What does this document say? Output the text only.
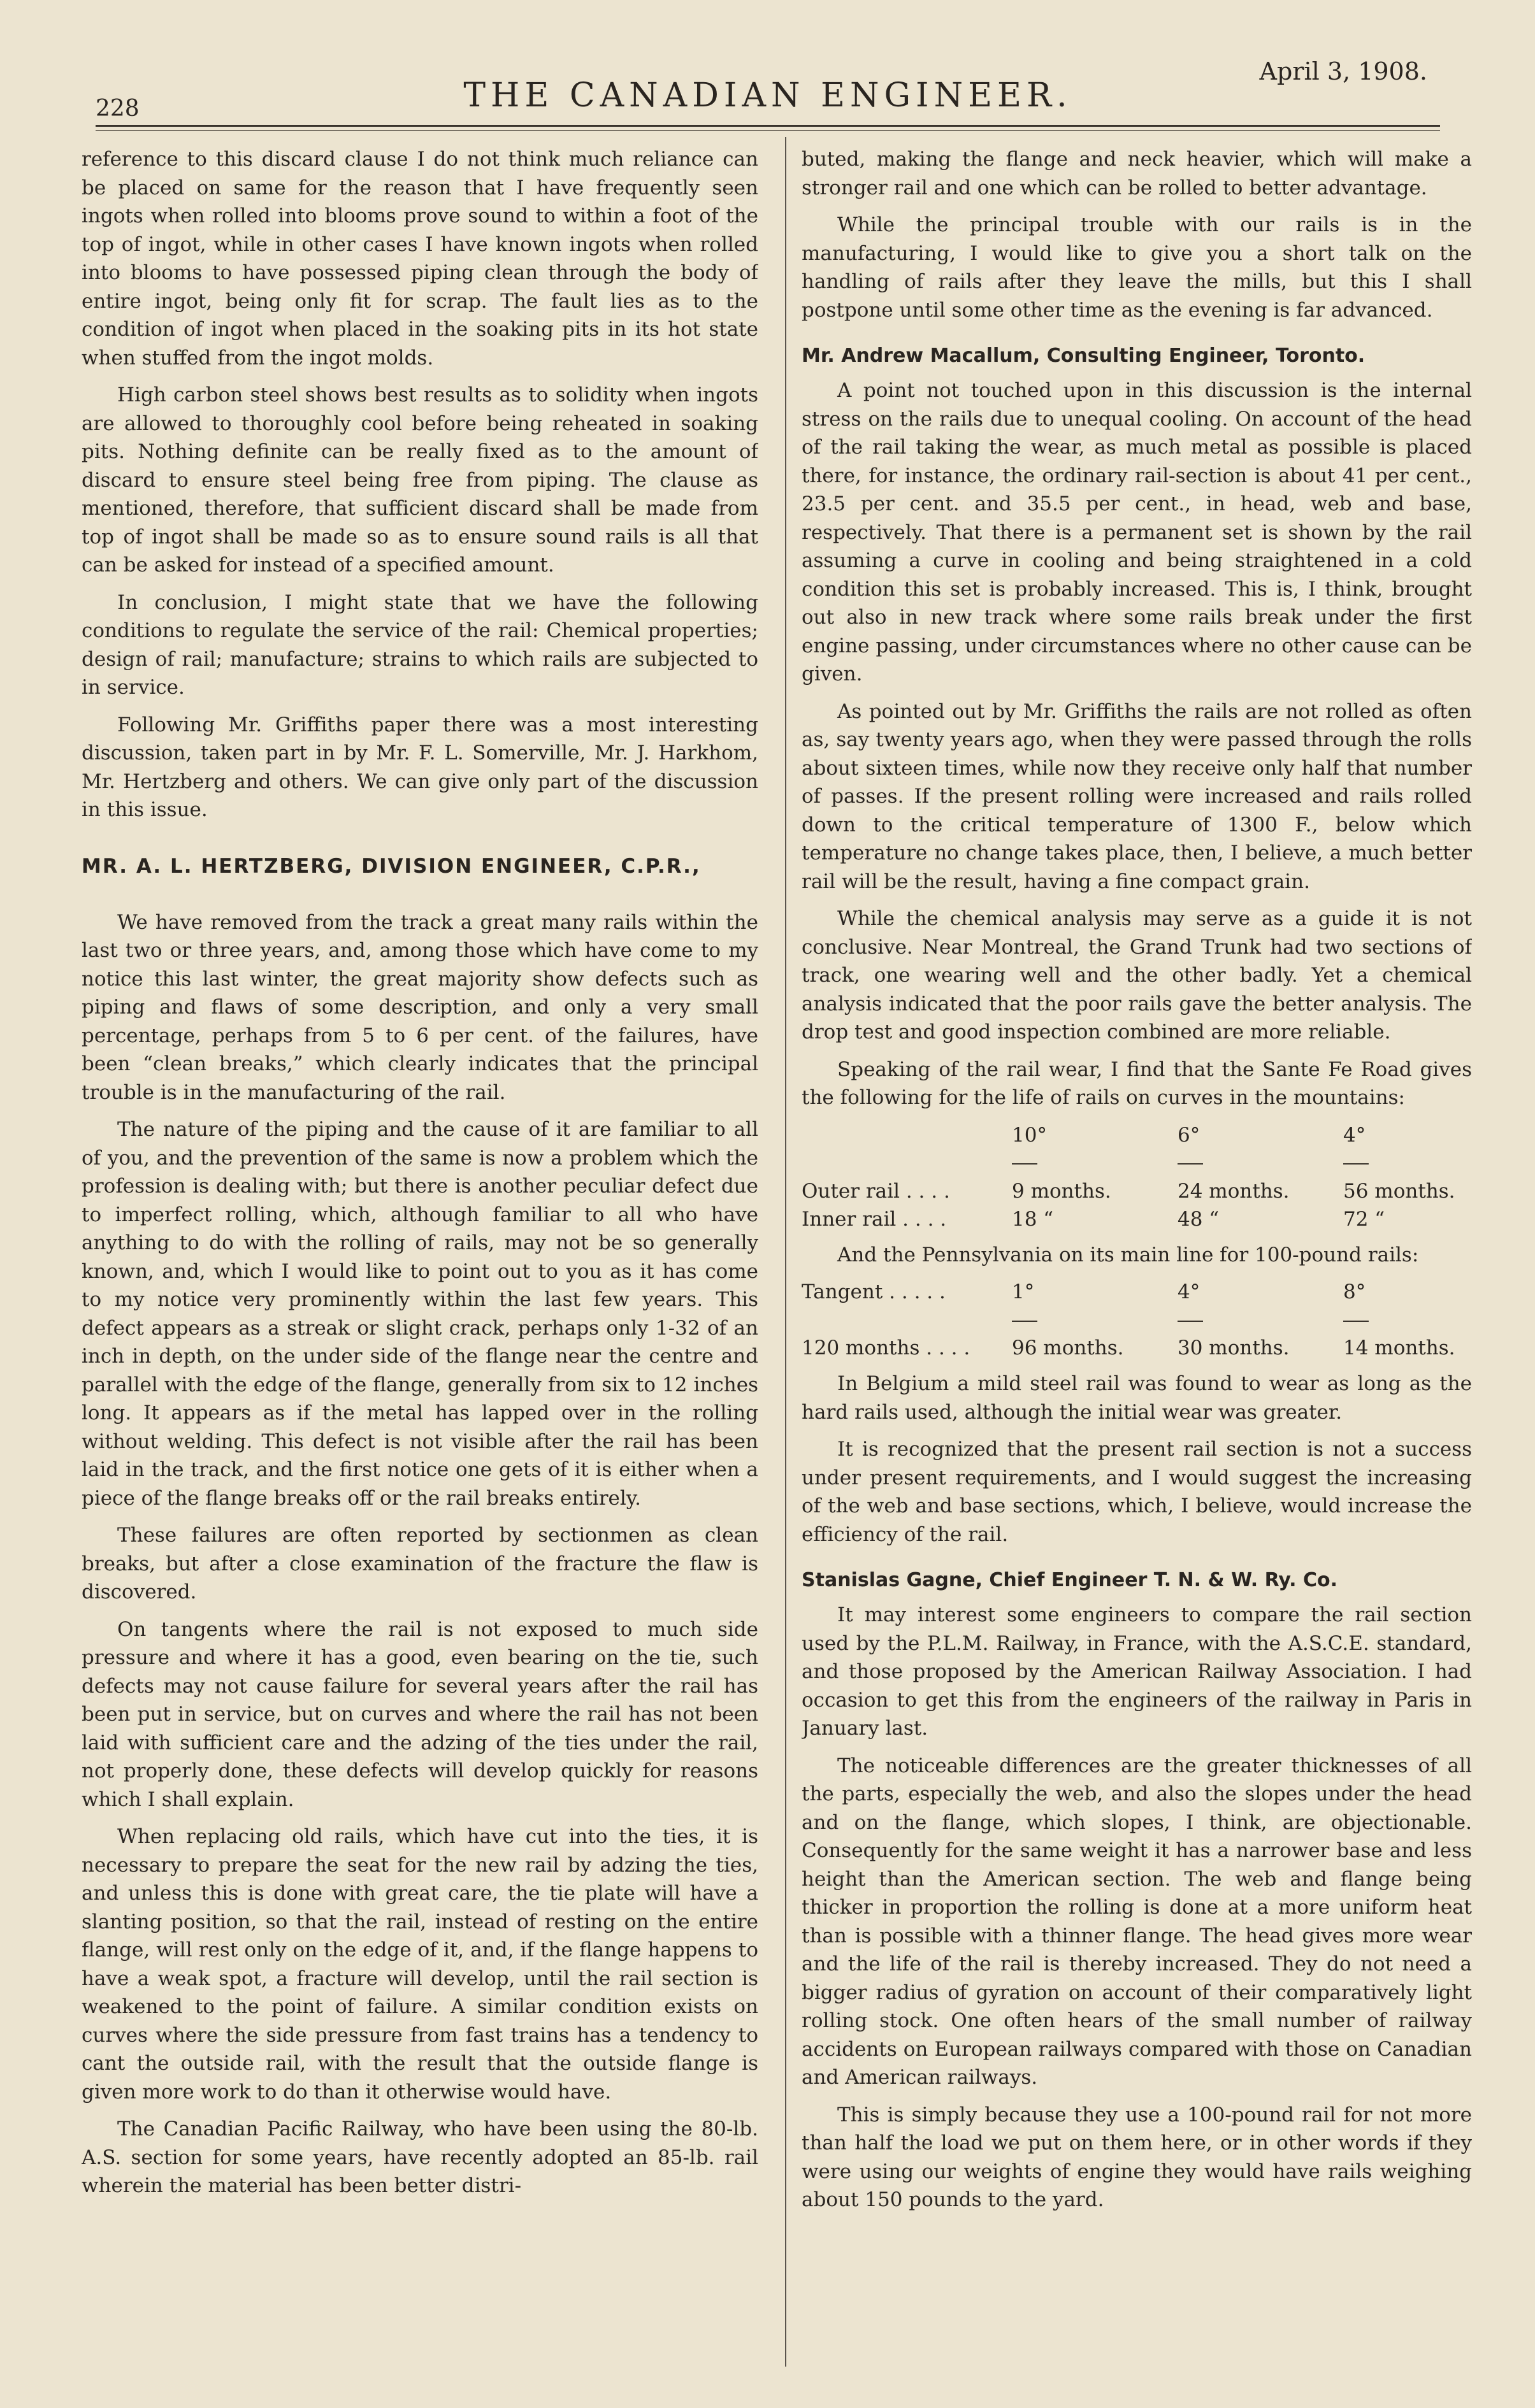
228	THE CANADIAN ENGINEER.
April 3, 1908.

reference to this discard clause I do not think much reliance can be placed on same for the reason that I have frequently seen ingots when rolled into blooms prove sound to within a foot of the top of ingot, while in other cases I have known ingots when rolled into blooms to have possessed piping clean through the body of entire ingot, being only fit for scrap. The fault lies as to the condition of ingot when placed in the soaking pits in its hot state when stuffed from the ingot molds.

High carbon steel shows best results as to solidity when ingots are allowed to thoroughly cool before being reheated in soaking pits. Nothing definite can be really fixed as to the amount of discard to ensure steel being free from piping. The clause as mentioned, therefore, that sufficient discard shall be made from top of ingot shall be made so as to ensure sound rails is all that can be asked for instead of a specified amount.

In conclusion, I might state that we have the following conditions to regulate the service of the rail: Chemical properties; design of rail; manufacture; strains to which rails are subjected to in service.

Following Mr. Griffiths paper there was a most interesting discussion, taken part in by Mr. F. L. Somerville, Mr. J. Harkhom, Mr. Hertzberg and others. We can give only part of the discussion in this issue.

MR. A. L. HERTZBERG, DIVISION ENGINEER, C.P.R.,

We have removed from the track a great many rails within the last two or three years, and, among those which have come to my notice this last winter, the great majority show defects such as piping and flaws of some description, and only a very small percentage, perhaps from 5 to 6 per cent. of the failures, have been “clean breaks,” which clearly indicates that the principal trouble is in the manufacturing of the rail.

The nature of the piping and the cause of it are familiar to all of you, and the prevention of the same is now a problem which the profession is dealing with; but there is another peculiar defect due to imperfect rolling, which, although familiar to all who have anything to do with the rolling of rails, may not be so generally known, and, which I would like to point out to you as it has come to my notice very prominently within the last few years. This defect appears as a streak or slight crack, perhaps only 1-32 of an inch in depth, on the under side of the flange near the centre and parallel with the edge of the flange, generally from six to 12 inches long. It appears as if the metal has lapped over in the rolling without welding. This defect is not visible after the rail has been laid in the track, and the first notice one gets of it is either when a piece of the flange breaks off or the rail breaks entirely.

These failures are often reported by sectionmen as clean breaks, but after a close examination of the fracture the flaw is discovered.

On tangents where the rail is not exposed to much side pressure and where it has a good, even bearing on the tie, such defects may not cause failure for several years after the rail has been put in service, but on curves and where the rail has not been laid with sufficient care and the adzing of the ties under the rail, not properly done, these defects will develop quickly for reasons which I shall explain.

When replacing old rails, which have cut into the ties, it is necessary to prepare the seat for the new rail by adzing the ties, and unless this is done with great care, the tie plate will have a slanting position, so that the rail, instead of resting on the entire flange, will rest only on the edge of it, and, if the flange happens to have a weak spot, a fracture will develop, until the rail section is weakened to the point of failure. A similar condition exists on curves where the side pressure from fast trains has a tendency to cant the outside rail, with the result that the outside flange is given more work to do than it otherwise would have.

The Canadian Pacific Railway, who have been using the 80-lb. A.S. section for some years, have recently adopted an 85-lb. rail wherein the material has been better distri-

buted, making the flange and neck heavier, which will make a stronger rail and one which can be rolled to better advantage.

While the principal trouble with our rails is in the manufacturing, I would like to give you a short talk on the handling of rails after they leave the mills, but this I shall postpone until some other time as the evening is far advanced.

Mr. Andrew Macallum, Consulting Engineer, Toronto.

A point not touched upon in this discussion is the internal stress on the rails due to unequal cooling. On account of the head of the rail taking the wear, as much metal as possible is placed there, for instance, the ordinary rail-section is about 41 per cent., 23.5 per cent. and 35.5 per cent., in head, web and base, respectively. That there is a permanent set is shown by the rail assuming a curve in cooling and being straightened in a cold condition this set is probably increased. This is, I think, brought out also in new track where some rails break under the first engine passing, under circumstances where no other cause can be given.

As pointed out by Mr. Griffiths the rails are not rolled as often as, say twenty years ago, when they were passed through the rolls about sixteen times, while now they receive only half that number of passes. If the present rolling were increased and rails rolled down to the critical temperature of 1300 F., below which temperature no change takes place, then, I believe, a much better rail will be the result, having a fine compact grain.

While the chemical analysis may serve as a guide it is not conclusive. Near Montreal, the Grand Trunk had two sections of track, one wearing well and the other badly. Yet a chemical analysis indicated that the poor rails gave the better analysis. The drop test and good inspection combined are more reliable.

Speaking of the rail wear, I find that the Sante Fe Road gives the following for the life of rails on curves in the mountains:

	10°	6°	4°

Outer rail . . . .	9 months.	24 months.	56 months.
Inner rail . . . .	18 “	48 “	72 “

And the Pennsylvania on its main line for 100-pound rails:

Tangent . . . . .	1°	4°	8°

120 months . . . .	96 months.	30 months.	14 months.

In Belgium a mild steel rail was found to wear as long as the hard rails used, although the initial wear was greater.

It is recognized that the present rail section is not a success under present requirements, and I would suggest the increasing of the web and base sections, which, I believe, would increase the efficiency of the rail.

Stanislas Gagne, Chief Engineer T. N. & W. Ry. Co.

It may interest some engineers to compare the rail section used by the P.L.M. Railway, in France, with the A.S.C.E. standard, and those proposed by the American Railway Association. I had occasion to get this from the engineers of the railway in Paris in January last.

The noticeable differences are the greater thicknesses of all the parts, especially the web, and also the slopes under the head and on the flange, which slopes, I think, are objectionable. Consequently for the same weight it has a narrower base and less height than the American section. The web and flange being thicker in proportion the rolling is done at a more uniform heat than is possible with a thinner flange. The head gives more wear and the life of the rail is thereby increased. They do not need a bigger radius of gyration on account of their comparatively light rolling stock. One often hears of the small number of railway accidents on European railways compared with those on Canadian and American railways.

This is simply because they use a 100-pound rail for not more than half the load we put on them here, or in other words if they were using our weights of engine they would have rails weighing about 150 pounds to the yard.
